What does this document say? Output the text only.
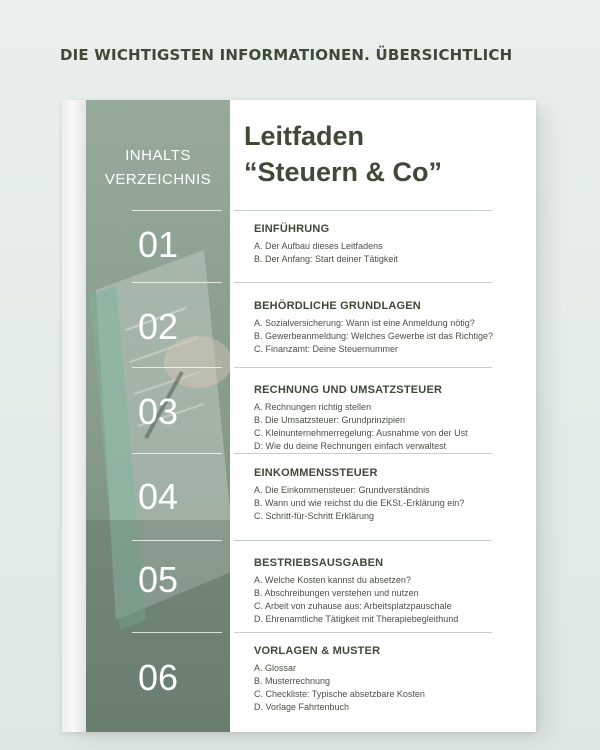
DIE WICHTIGSTEN INFORMATIONEN. ÜBERSICHTLICH

INHALTS
VERZEICHNIS

01
02
03
04
05
06
Leitfaden
“Steuern & Co”
EINFÜHRUNG
A. Der Aufbau dieses Leitfadens
B. Der Anfang: Start deiner Tätigkeit
BEHÖRDLICHE GRUNDLAGEN
A. Sozialversicherung: Wann ist eine Anmeldung nötig?
B. Gewerbeanmeldung: Welches Gewerbe ist das Richtige?
C. Finanzamt: Deine Steuernummer
RECHNUNG UND UMSATZSTEUER
A. Rechnungen richtig stellen
B. Die Umsatzsteuer: Grundprinzipien
C. Kleinunternehmerregelung: Ausnahme von der Ust
D: Wie du deine Rechnungen einfach verwaltest
EINKOMMENSSTEUER
A. Die Einkommensteuer: Grundverständnis
B. Wann und wie reichst du die EKSt.-Erklärung ein?
C. Schritt-für-Schritt Erklärung
BESTRIEBSAUSGABEN
A. Welche Kosten kannst du absetzen?
B. Abschreibungen verstehen und nutzen
C. Arbeit von zuhause aus: Arbeitsplatzpauschale
D. Ehrenamtliche Tätigkeit mit Therapiebegleithund
VORLAGEN & MUSTER
A. Glossar
B. Musterrechnung
C. Checkliste: Typische absetzbare Kosten
D. Vorlage Fahrtenbuch
